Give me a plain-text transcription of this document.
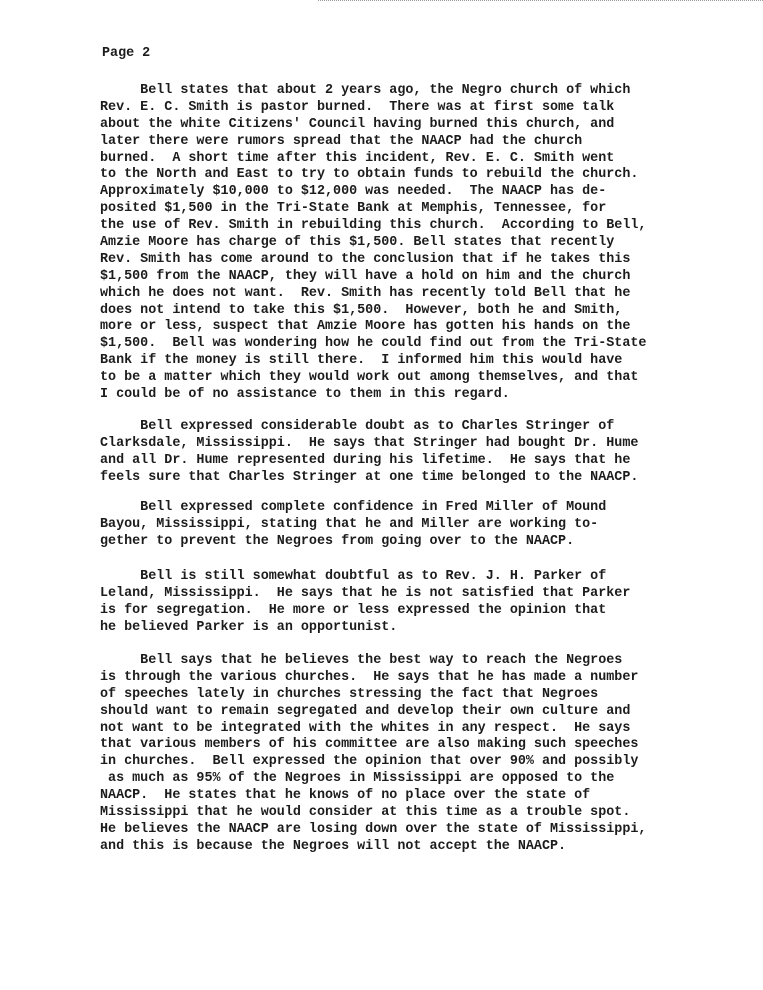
Page 2

Bell states that about 2 years ago, the Negro church of which
Rev. E. C. Smith is pastor burned.  There was at first some talk
about the white Citizens' Council having burned this church, and
later there were rumors spread that the NAACP had the church
burned.  A short time after this incident, Rev. E. C. Smith went
to the North and East to try to obtain funds to rebuild the church.
Approximately $10,000 to $12,000 was needed.  The NAACP has de-
posited $1,500 in the Tri-State Bank at Memphis, Tennessee, for
the use of Rev. Smith in rebuilding this church.  According to Bell,
Amzie Moore has charge of this $1,500. Bell states that recently
Rev. Smith has come around to the conclusion that if he takes this
$1,500 from the NAACP, they will have a hold on him and the church
which he does not want.  Rev. Smith has recently told Bell that he
does not intend to take this $1,500.  However, both he and Smith,
more or less, suspect that Amzie Moore has gotten his hands on the
$1,500.  Bell was wondering how he could find out from the Tri-State
Bank if the money is still there.  I informed him this would have
to be a matter which they would work out among themselves, and that
I could be of no assistance to them in this regard.
Bell expressed considerable doubt as to Charles Stringer of
Clarksdale, Mississippi.  He says that Stringer had bought Dr. Hume
and all Dr. Hume represented during his lifetime.  He says that he
feels sure that Charles Stringer at one time belonged to the NAACP.
Bell expressed complete confidence in Fred Miller of Mound
Bayou, Mississippi, stating that he and Miller are working to-
gether to prevent the Negroes from going over to the NAACP.
Bell is still somewhat doubtful as to Rev. J. H. Parker of
Leland, Mississippi.  He says that he is not satisfied that Parker
is for segregation.  He more or less expressed the opinion that
he believed Parker is an opportunist.
Bell says that he believes the best way to reach the Negroes
is through the various churches.  He says that he has made a number
of speeches lately in churches stressing the fact that Negroes
should want to remain segregated and develop their own culture and
not want to be integrated with the whites in any respect.  He says
that various members of his committee are also making such speeches
in churches.  Bell expressed the opinion that over 90% and possibly
as much as 95% of the Negroes in Mississippi are opposed to the
NAACP.  He states that he knows of no place over the state of
Mississippi that he would consider at this time as a trouble spot.
He believes the NAACP are losing down over the state of Mississippi,
and this is because the Negroes will not accept the NAACP.
